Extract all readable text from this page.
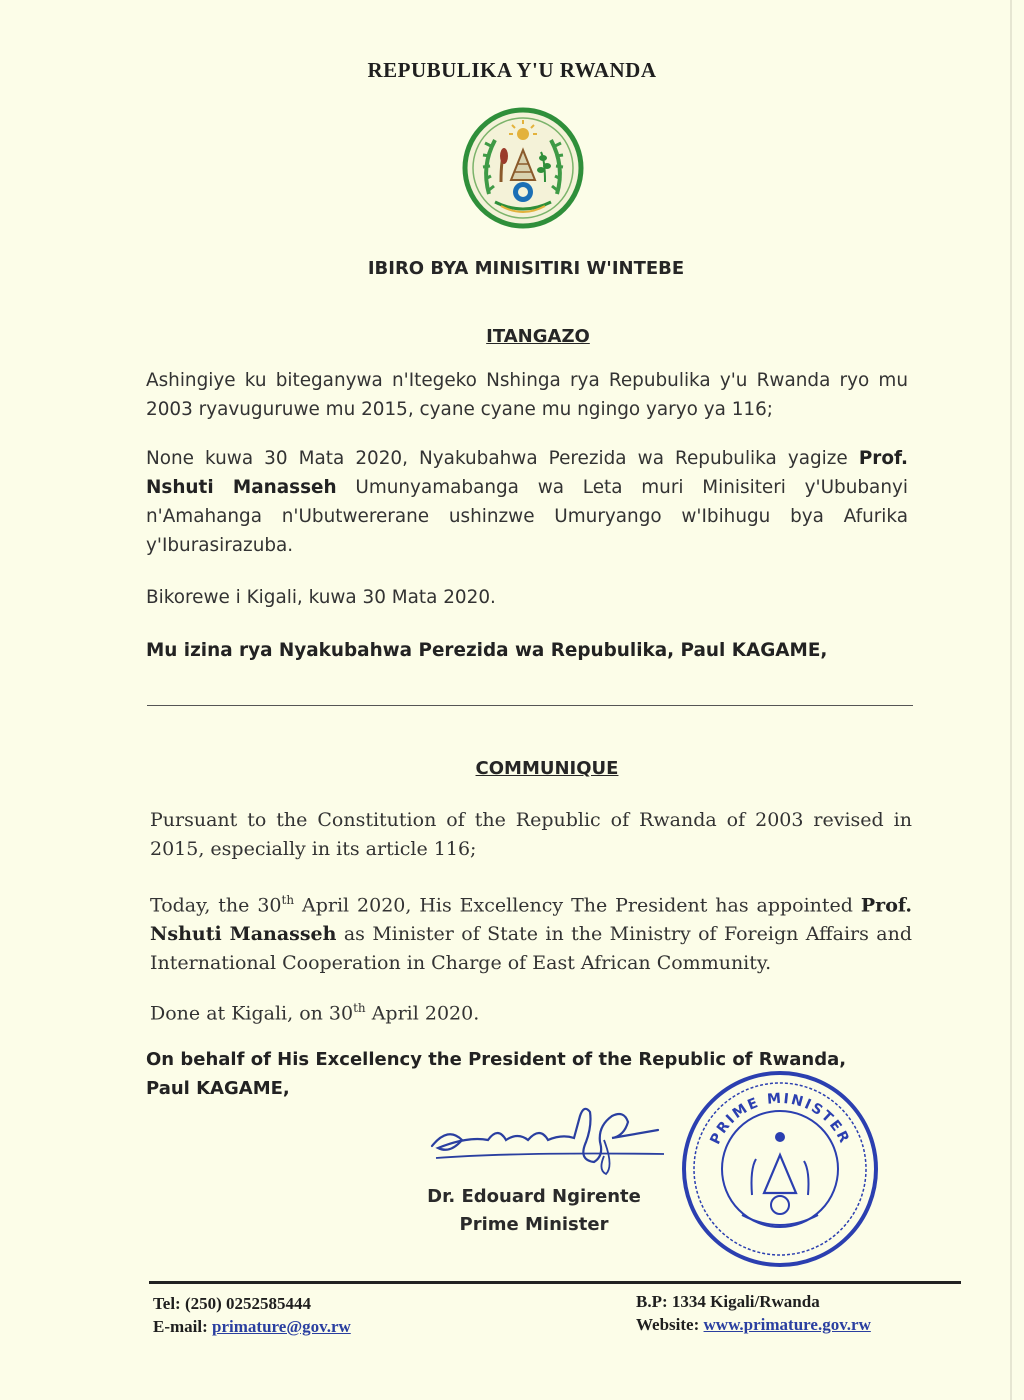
REPUBULIKA Y'U RWANDA
IBIRO BYA MINISITIRI W'INTEBE
ITANGAZO
Ashingiye ku biteganywa n'Itegeko Nshinga rya Repubulika y'u Rwanda ryo mu 2003 ryavuguruwe mu 2015, cyane cyane mu ngingo yaryo ya 116;
None kuwa 30 Mata 2020, Nyakubahwa Perezida wa Repubulika yagize Prof. Nshuti Manasseh Umunyamabanga wa Leta muri Minisiteri y'Ububanyi n'Amahanga n'Ubutwererane ushinzwe Umuryango w'Ibihugu bya Afurika y'Iburasirazuba.
Bikorewe i Kigali, kuwa 30 Mata 2020.
Mu izina rya Nyakubahwa Perezida wa Repubulika, Paul KAGAME,
COMMUNIQUE
Pursuant to the Constitution of the Republic of Rwanda of 2003 revised in 2015, especially in its article 116;
Today, the 30th April 2020, His Excellency The President has appointed Prof. Nshuti Manasseh as Minister of State in the Ministry of Foreign Affairs and International Cooperation in Charge of East African Community.
Done at Kigali, on 30th April 2020.
On behalf of His Excellency the President of the Republic of Rwanda,
Paul KAGAME,
PRIME MINISTER
Dr. Edouard Ngirente
Prime Minister
Tel: (250) 0252585444
E-mail: primature@gov.rw
B.P: 1334 Kigali/Rwanda
Website: www.primature.gov.rw
